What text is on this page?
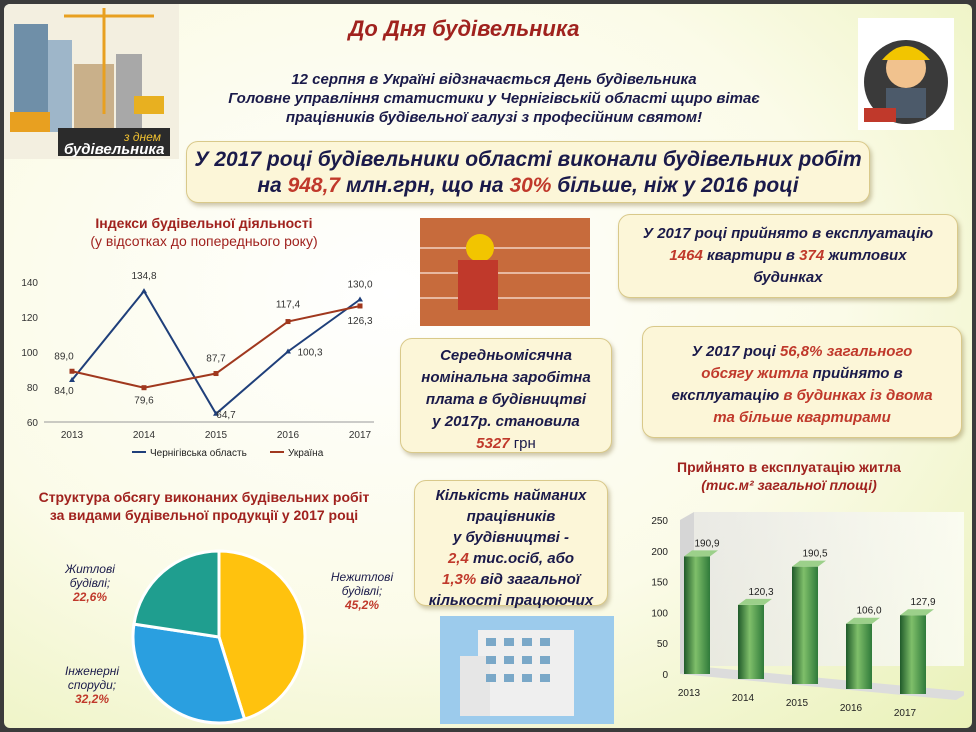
з днем
будівельника
До Дня будівельника
12 серпня в Україні відзначається День будівельника
Головне управління статистики у Чернігівській області щиро вітає
працівників будівельної галузі з професійним святом!
У 2017 році будівельники області виконали будівельних робіт
на 948,7 млн.грн, що на 30% більше, ніж у 2016 році
Індекси будівельної діяльності
(у відсотках до попереднього року)
60
80
100
120
140
2013	2014	2015	2016	2017
84,0
134,8
64,7
100,3
130,0
89,0
79,6
87,7
117,4
126,3
Чернігівська область	Україна
У 2017 році прийнято в експлуатацію
1464 квартири в 374 житлових
будинках
Середньомісячна
номінальна заробітна
плата в будівництві
у 2017р. становила
5327 грн
У 2017 році 56,8% загального
обсягу житла прийнято в
експлуатацію в будинках із двома
та більше квартирами
Структура обсягу виконаних будівельних робіт
за видами будівельної продукції у 2017 році
Нежитлові будівлі;
45,2%
Житлові будівлі;
22,6%
Інженерні споруди;
32,2%
Кількість найманих
працівників
у будівництві -
2,4 тис.осіб, або
1,3% від загальної
кількості працюючих
Прийнято в експлуатацію житла
(тис.м² загальної площі)
0
50
100
150
200
250
190,9
2013
120,3
2014
190,5
2015
106,0
2016
127,9
2017
